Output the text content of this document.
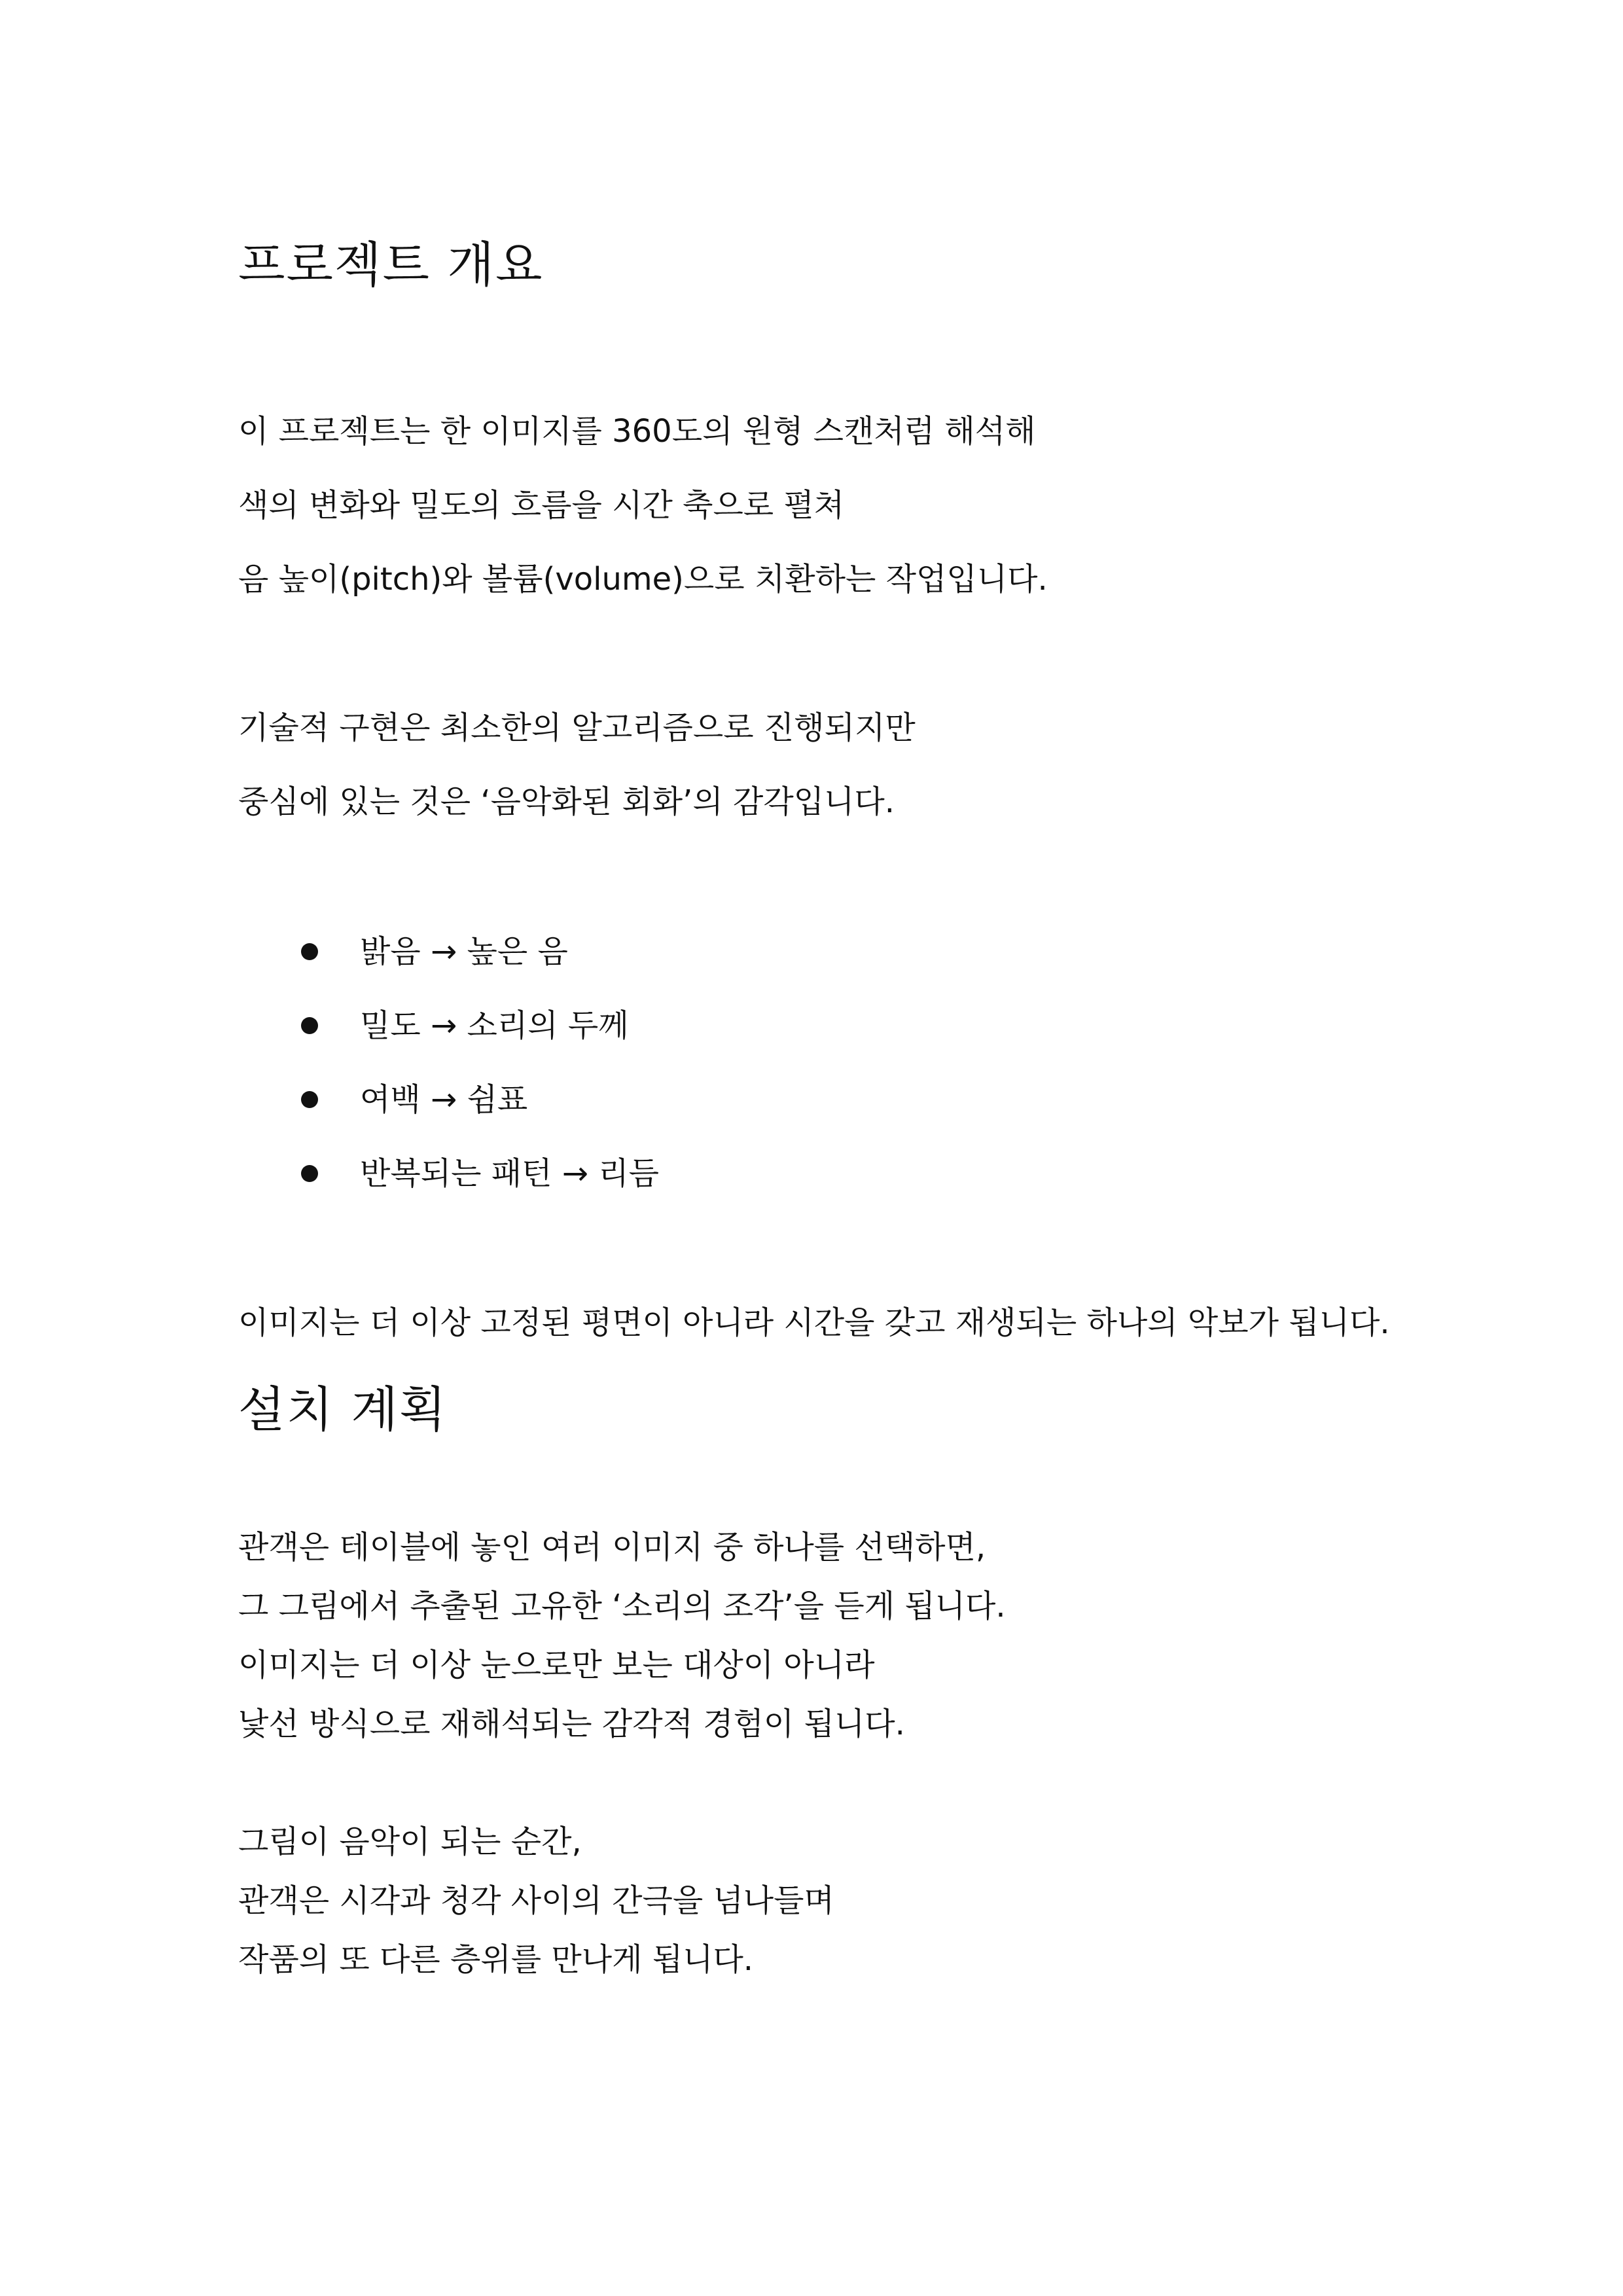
프로젝트 개요

이 프로젝트는 한 이미지를 360도의 원형 스캔처럼 해석해

색의 변화와 밀도의 흐름을 시간 축으로 펼쳐

음 높이(pitch)와 볼륨(volume)으로 치환하는 작업입니다.

기술적 구현은 최소한의 알고리즘으로 진행되지만

중심에 있는 것은 ‘음악화된 회화’의 감각입니다.

밝음 → 높은 음
밀도 → 소리의 두께
여백 → 쉼표
반복되는 패턴 → 리듬

이미지는 더 이상 고정된 평면이 아니라 시간을 갖고 재생되는 하나의 악보가 됩니다.

설치 계획

관객은 테이블에 놓인 여러 이미지 중 하나를 선택하면,

그 그림에서 추출된 고유한 ‘소리의 조각’을 듣게 됩니다.

이미지는 더 이상 눈으로만 보는 대상이 아니라

낯선 방식으로 재해석되는 감각적 경험이 됩니다.

그림이 음악이 되는 순간,

관객은 시각과 청각 사이의 간극을 넘나들며

작품의 또 다른 층위를 만나게 됩니다.
